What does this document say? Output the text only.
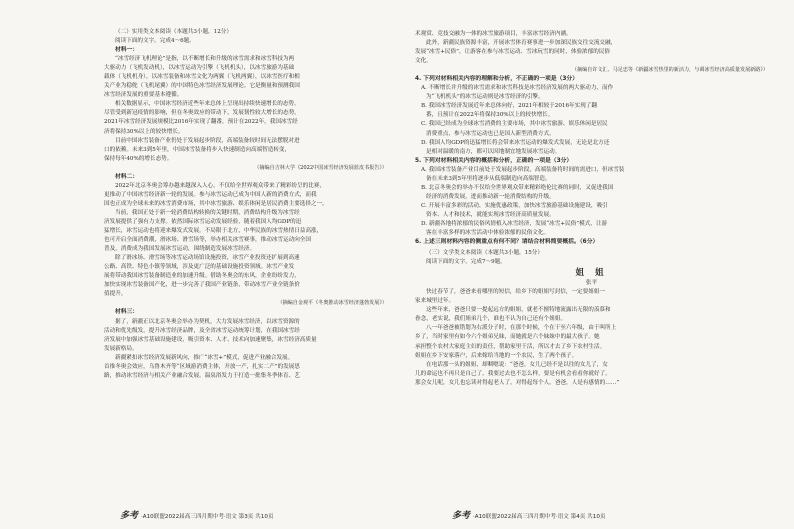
（二）实用类文本阅读（本题共3小题，12分）
阅读下面的文字，完成4～6题。
材料一：
“冰雪经济飞机理论”是指，以不断增长和升级的冰雪需求和冰雪科技为两
大驱动力（飞机发动机），以冰雪运动为引擎（飞机机头），以冰雪旅游为基础
载体（飞机机身），以冰雪装备和冰雪文化为两翼（飞机两翼），以冰雪医疗和相
关产业为稳舵（飞机尾翼）的中国特色冰雪经济发展理论。它是衡量和预测我国
冰雪经济发展的重要基本遵循。
相关数据显示，中国冰雪经济近些年来总体上呈现出持续快速增长的态势。
尽管受到新冠疫情的影响，但在冬奥效应的带动下，发展韧性较大增长的态势。
2021年冰雪经济发展规模比2016年实现了翻番，预计在2022年，我国冰雪经
济将保持30%以上的较快增长。
目前中国冰雪装备产业仍处于发展起步阶段，高端装备较时间无法摆脱对进
口的依赖。未来3到5年里，中国冰雪装备将步入快速制造向高端智造转变，
保持每年40%的增长态势。
（摘编自吉林大学《2022中国冰雪经济发展蓝皮书报告》）
材料二：
2022年北京冬奥会筹办越来越深入人心，不仅给全世界观众带来了精彩纷呈的比赛，
更推动了中国冰雪经济新一轮的发展。参与冰雪运动已成为中国人新的消费方式，而我
国也正成为全球未来的冰雪消费市场，其中冰雪旅游、娱乐体闲是居民消费主要选择之一。
当前，我国正处于新一轮消费结构转换的关键时期，消费结构升级为冰雪经
济发展提供了强有力支撑。依然国际冰雪运动发展经验，随着我国人均GDP的迅
猛增长，冰雪运动也将迎来爆发式发展。不局限于北方，中华民族的冰雪热情日益高涨，
也可开启全面消费潮，滑冰场、滑雪场等，举办相关冰雪赛事，推动冰雪运动向全国
普及，消费成为我国发展冰雪运动，围绕制造发展冰雪经济。
除了滑冰场、滑雪场等冰雪运动场馆设施投资，冰雪产业投资还扩展到高速
公路、高铁、特色小镇等领域，涉及更广泛的基础设施投资领域。冰雪产业发
展将带动我国冰雪装备制造业的加速升级。借助冬奥会的东风，企业纷纷发力，
加快实现冰雪装备国产化，进一步完善了我国产业链条，带动冰雪产业全链条价
值提升。
（摘编自金观平《冬奥推动冰雪经济蓬勃发展》）
材料三：
据了，新疆正以北京冬奥会举办为契机，大力发展冰雪经济，以冰雪资源的
活动和优先级发，提升冰雪经济品牌，及全省冰雪运动统筹计划，在我国冰雪经
济发展中加强冰雪基础设施建设，吸引资本、人才、技术向加速聚集，冰雪经济高质量
发展新格局。
新疆紧扣冰雪经济发展新风向，推广“冰雪+”模式，促进产业融合发展。
首推冬奥会效应，乌鲁木齐等“区域游消费主体，开放一产，扎实二产”的发展思
路，推动冰雪经济与相关产业融合发展。温泉浴发力于打造一批集冬季体育、艺
术观赏、竞技交融为一体的冰雪旅游项目，丰富冰雪经济内涵。
此外，新疆民族资源丰富，开展冰雪体育赛事进一步加深民族交往交流交融，
发展“冰雪+民俗”，让游客在参与冰雪运动、雪冰玩雪的同时，体验浓郁的民俗
文化。
（摘编自许文汇、马足忠等《新疆冰雪热里的新活力，与调冰雪经济高质量发展新路》）
4. 下列对材料相关内容的理解和分析，不正确的一项是（3分）
A. 不断增长并升级的冰雪需求和冰雪科技是冰雪经济发展的两大驱动力，而作
为“飞机机头”的冰雪运动则是冰雪经济的引擎。
B. 我国冰雪经济发展近年来总体向好，2021年相较于2016年实现了翻
番，且预计在2022年将保持30%以上的较快增长。
C. 我国已经成为全球冰雪消费的主要市场，其中冰雪旅游、娱乐休闲是居民
消费重点，参与冰雪运动也已是国人新型消费方式。
D. 我国人均GDP的迅猛增长将会带来冰雪运动的爆发式发展，无论是北方还
是相对温暖的南方，都可以因地制宜地发展冰雪运动。
5. 下列对材料相关内容的概括和分析，正确的一项是（3分）
A. 我国冰雪装备产业目前处于发展起步阶段，高端装备将时间的需进口，但冰雪装
备在未来3到5年里将逐步从低端制造向高端智造。
B. 北京冬奥会的举办不仅给全世界观众带来精彩绝伦比赛的同时，又促进我国
经济的消费发展，进而推动新一轮消费结构的升级。
C. 开展丰富多彩的活动，实施优惠政策，加快冰雪旅游基础设施建设，吸引
资本、人才和技术，就能实现冰雪经济高质量发展。
D. 新疆各地将浓郁的民俗风情植入冰雪经济，发展“冰雪+民俗”模式，让游
客在丰富多样的冰雪活动中体验浓郁的民俗文化。
6. 上述三则材料内容的侧重点有何不同？请结合材料简要概括。（6分）
（三）文学类文本阅读（本题共3小题，15分）
阅读下面的文字，完成7～9题。
姐 姐
张平
快过春节了，爸爸来看哪里的短信，给乡下的姐姐写封信，一定要姐姐一
家来城里过年。
这些年来，爸爸只要一提起远方的姐姐，就老不擅特地流露出无限的羡慕和
眷念，老实说，我们姐弟几个，谁也不认为自己还有个姐姐。
八一年爸爸被错划为右派分子时，在那个时候，个在干至六年级，由于叫所上
乡了，当时家里有如今六个姐弟兄妹，而她就是六个妹妹中的最大孩子。她
承担整个农村大家庭主妇的责任，帮助家里干活，所以才去了乡下农村生活。
姐姐在乡下安家落户，后来嫁给当地的一个农民，生了两个孩子。
在电话那一头的姐姐，却咽嗯说：“爸爸，女儿已经不是以往的女儿了，女
儿的命运也不再只是自己了，我要过去也不怎么样，要是有机会看看你就好了。
那会女儿呢，女儿也忘读对得起老人了，对得起每个人。爸爸，人是有感情的……”
多考 ·A10联盟2022届高三四月期中考·语文 第3页 共10页	多考 ·A10联盟2022届高三四月期中考·语文 第4页 共10页
